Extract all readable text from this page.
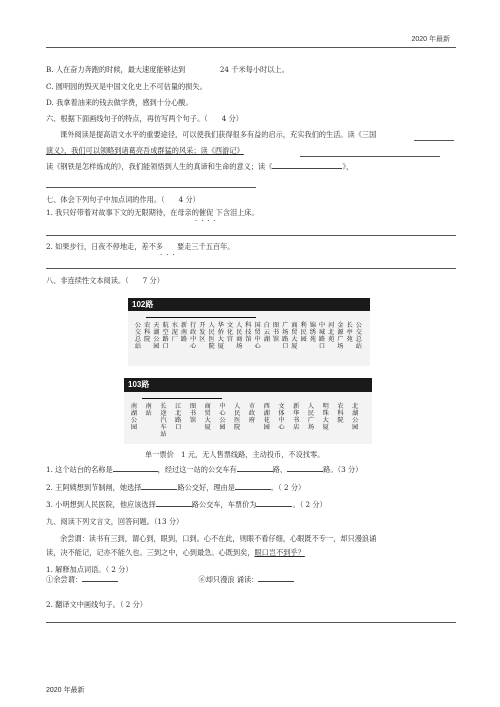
2020 年最新
B. 人在奋力奔跑的时候，最大速度能够达到	24 千米每小时以上。
C. 圆明园的毁灭是中国文化史上不可估量的损失。
D. 我拿着油来的钱去做学费，感到十分心酸。
六、根据下面画线句子的特点，再仿写两个句子。（ 4 分）
课外阅读是提高语文水平的重要途径，可以使我们获得很多有益的启示，充实我们的生活。读《三国
演义》，我们可以领略到诸葛亮吾成群猛的风采；读《西游记》
读《钢铁是怎样炼成的》，我们能领悟到人生的真谛和生命的意义；读《	》，
七、体会下列句子中加点词的作用。（ 4 分）
1. 我只好带着对故事下文的无限期待，在母亲的催促 下含泪上床。
····
2. 如果步行，日夜不停地走，差不多 要走三千五百年。
···
八、非连续性文本阅读。（ 7 分）
102路
公交总站
农科院
天湖公园
航空路口
水泥厂
新南路
行政中心
开发区
人民医院
华侨大厦
文化宫
人民商场
科技馆
国贸中心
白云湖
图书馆
广场路口
商贸大厦
利民园
锦绣苑
中城路口
河北苑
金源广场
长亭苑
公交总站
103路
南湖公园
南站
长途汽车站
江北路口
图书馆
商贸大厦
中心公园
人民医院
市政府
西湖花园
文体中心
新华书店
人民广场
明珠大厦
农科院
北湖公园
单一票价　1 元，无人售票线路，主动投币，不设找零。
1. 这个站台的名称是	，经过这一站的公交车有	路、	路。（3 分）
2. 王阿姨想到节制闸，她选择	路公交好，理由是	。（ 2 分）
3. 小明想到人民医院，他应该选择	路公交车，车票价为	。（ 2 分）
九、阅读下列文言文，回答问题。（13 分）
余尝谓：读书有三到，谓心到，眼到，口到。心不在此，则眼不看仔细，心眼既不专一，却只漫浪诵
读，决不能记，记亦不能久也。三到之中，心到最急。心既到矣，眼口岂不到乎？
1. 解释加点词语。（ 2 分）
①余尝谓：	⑥却只漫浪 诵读：
2. 翻译文中画线句子。（ 2 分）
2020 年最新
